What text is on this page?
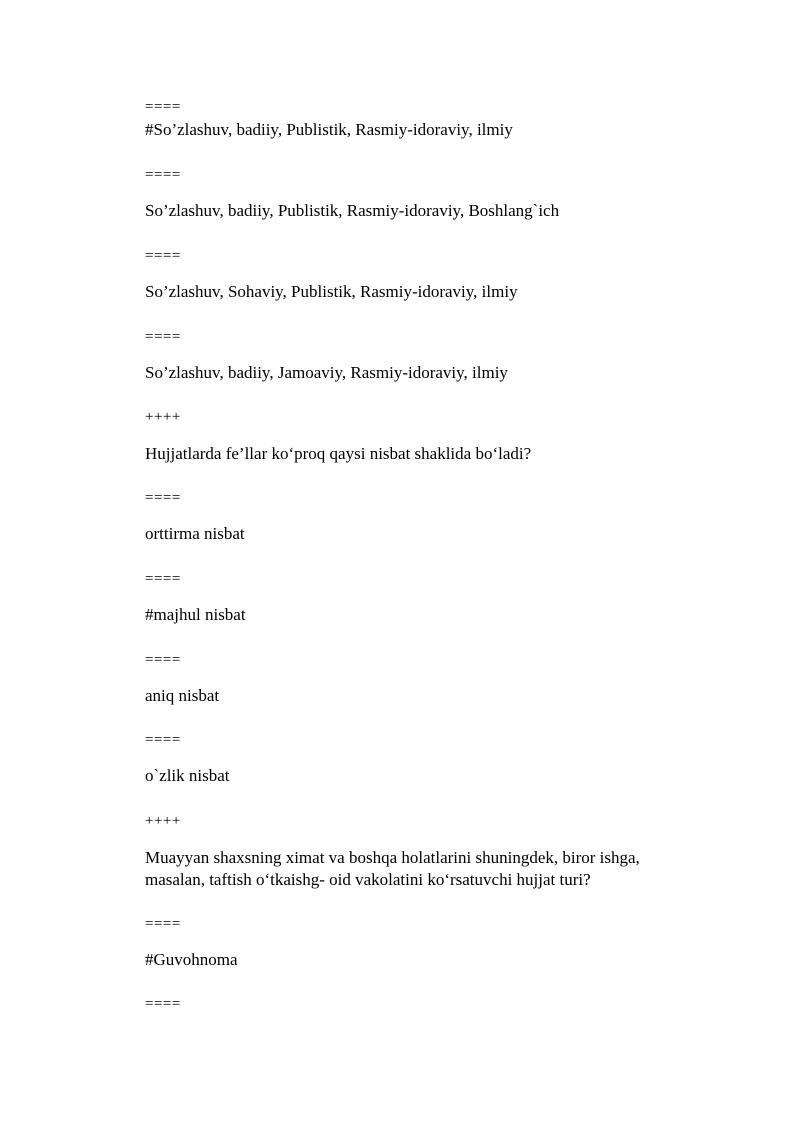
====
#So’zlashuv, badiiy, Publistik, Rasmiy-idoraviy, ilmiy
====
So’zlashuv, badiiy, Publistik, Rasmiy-idoraviy, Boshlang`ich
====
So’zlashuv, Sohaviy, Publistik, Rasmiy-idoraviy, ilmiy
====
So’zlashuv, badiiy, Jamoaviy, Rasmiy-idoraviy, ilmiy
++++
Hujjatlarda fe’llar ko‘proq qaysi nisbat shaklida bo‘ladi?
====
orttirma nisbat
====
#majhul nisbat
====
aniq nisbat
====
o`zlik nisbat
++++
Muayyan shaxsning ximat va boshqa holatlarini shuningdek, biror ishga,
masalan, taftish o‘tkaishg- oid vakolatini ko‘rsatuvchi hujjat turi?
====
#Guvohnoma
====
